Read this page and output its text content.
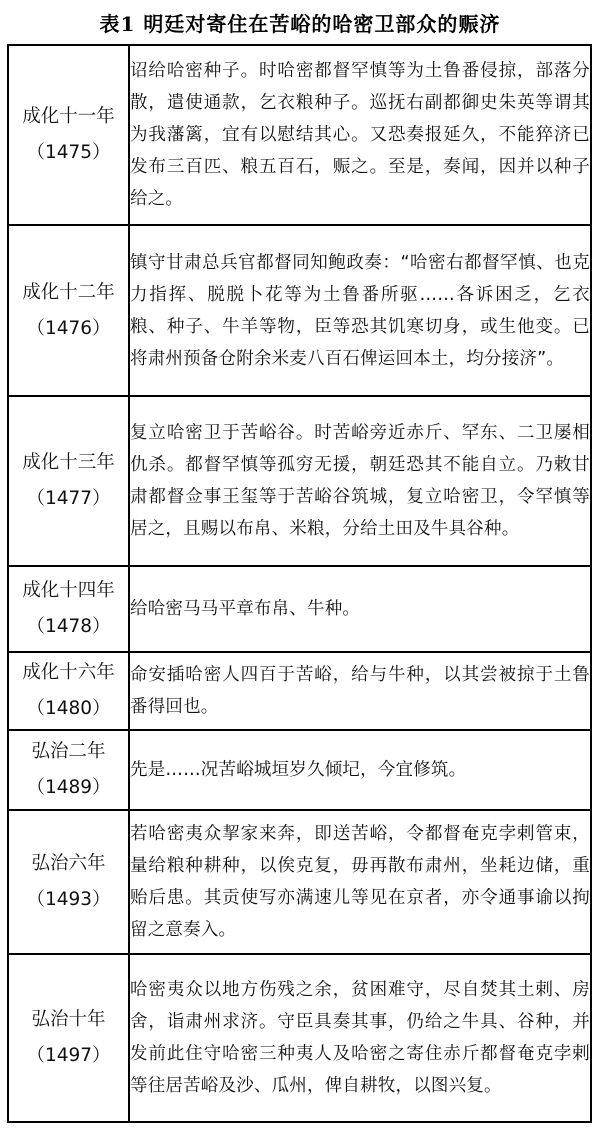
表1 明廷对寄住在苦峪的哈密卫部众的赈济
成化十一年
（1475）	诏给哈密种子。时哈密都督罕慎等为土鲁番侵掠，部落分散，遣使通款，乞衣粮种子。巡抚右副都御史朱英等谓其为我藩篱，宜有以慰结其心。又恐奏报延久，不能猝济已发布三百匹、粮五百石，赈之。至是，奏闻，因并以种子给之。

成化十二年
（1476）	镇守甘肃总兵官都督同知鲍政奏：“哈密右都督罕慎、也克力指挥、脱脱卜花等为土鲁番所驱……各诉困乏，乞衣粮、种子、牛羊等物，臣等恐其饥寒切身，或生他变。已将肃州预备仓附余米麦八百石俾运回本土，均分接济”。

成化十三年
（1477）	复立哈密卫于苦峪谷。时苦峪旁近赤斤、罕东、二卫屡相仇杀。都督罕慎等孤穷无援，朝廷恐其不能自立。乃敕甘肃都督佥事王玺等于苦峪谷筑城，复立哈密卫，令罕慎等居之，且赐以布帛、米粮，分给土田及牛具谷种。

成化十四年
（1478）	给哈密马马平章布帛、牛种。

成化十六年
（1480）	命安插哈密人四百于苦峪，给与牛种，以其尝被掠于土鲁番得回也。

弘治二年
（1489）	先是……况苦峪城垣岁久倾圮，今宜修筑。

弘治六年
（1493）	若哈密夷众挈家来奔，即送苦峪，令都督奄克孛剌管束，量给粮种耕种，以俟克复，毋再散布肃州，坐耗边储，重贻后患。其贡使写亦满速儿等见在京者，亦令通事谕以拘留之意奏入。

弘治十年
（1497）	哈密夷众以地方伤残之余，贫困难守，尽自焚其土剌、房舍，诣肃州求济。守臣具奏其事，仍给之牛具、谷种，并发前此住守哈密三种夷人及哈密之寄住赤斤都督奄克孛剌等往居苦峪及沙、瓜州，俾自耕牧，以图兴复。
